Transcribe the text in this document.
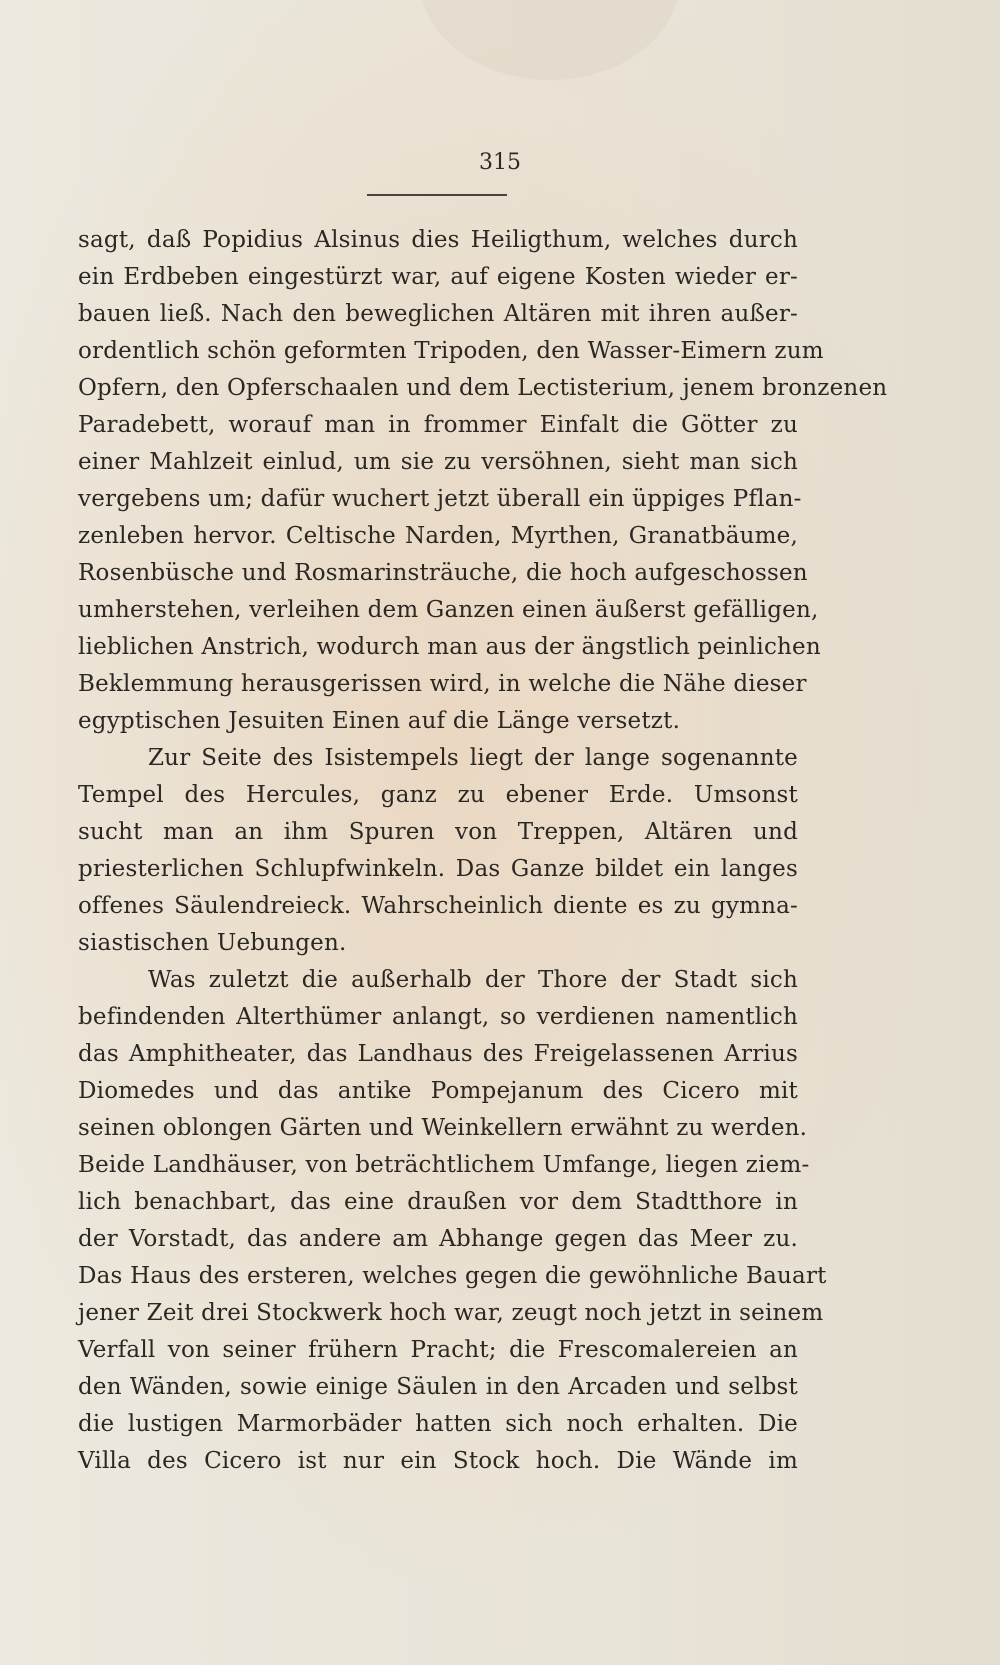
315
sagt, daß Popidius Alsinus dies Heiligthum, welches durch
ein Erdbeben eingestürzt war, auf eigene Kosten wieder er-
bauen ließ. Nach den beweglichen Altären mit ihren außer-
ordentlich schön geformten Tripoden, den Wasser-Eimern zum
Opfern, den Opferschaalen und dem Lectisterium, jenem bronzenen
Paradebett, worauf man in frommer Einfalt die Götter zu
einer Mahlzeit einlud, um sie zu versöhnen, sieht man sich
vergebens um; dafür wuchert jetzt überall ein üppiges Pflan-
zenleben hervor. Celtische Narden, Myrthen, Granatbäume,
Rosenbüsche und Rosmarinsträuche, die hoch aufgeschossen
umherstehen, verleihen dem Ganzen einen äußerst gefälligen,
lieblichen Anstrich, wodurch man aus der ängstlich peinlichen
Beklemmung herausgerissen wird, in welche die Nähe dieser
egyptischen Jesuiten Einen auf die Länge versetzt.
Zur Seite des Isistempels liegt der lange sogenannte
Tempel des Hercules, ganz zu ebener Erde. Umsonst
sucht man an ihm Spuren von Treppen, Altären und
priesterlichen Schlupfwinkeln. Das Ganze bildet ein langes
offenes Säulendreieck. Wahrscheinlich diente es zu gymna-
siastischen Uebungen.
Was zuletzt die außerhalb der Thore der Stadt sich
befindenden Alterthümer anlangt, so verdienen namentlich
das Amphitheater, das Landhaus des Freigelassenen Arrius
Diomedes und das antike Pompejanum des Cicero mit
seinen oblongen Gärten und Weinkellern erwähnt zu werden.
Beide Landhäuser, von beträchtlichem Umfange, liegen ziem-
lich benachbart, das eine draußen vor dem Stadtthore in
der Vorstadt, das andere am Abhange gegen das Meer zu.
Das Haus des ersteren, welches gegen die gewöhnliche Bauart
jener Zeit drei Stockwerk hoch war, zeugt noch jetzt in seinem
Verfall von seiner frühern Pracht; die Frescomalereien an
den Wänden, sowie einige Säulen in den Arcaden und selbst
die lustigen Marmorbäder hatten sich noch erhalten. Die
Villa des Cicero ist nur ein Stock hoch. Die Wände im
